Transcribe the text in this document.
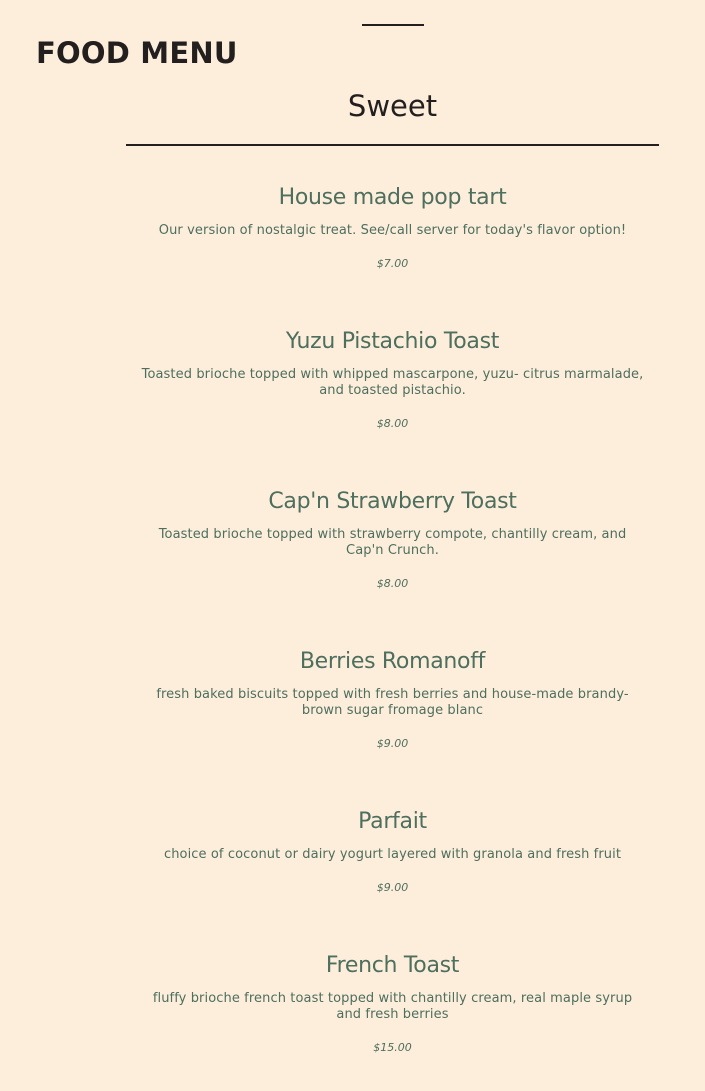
FOOD MENU
Sweet
House made pop tart

Our version of nostalgic treat. See/call server for today's flavor option!

$7.00

Yuzu Pistachio Toast

Toasted brioche topped with whipped mascarpone, yuzu- citrus marmalade, and toasted pistachio.

$8.00

Cap'n Strawberry Toast

Toasted brioche topped with strawberry compote, chantilly cream, and Cap'n Crunch.

$8.00

Berries Romanoff

fresh baked biscuits topped with fresh berries and house-made brandy-brown sugar fromage blanc

$9.00

Parfait

choice of coconut or dairy yogurt layered with granola and fresh fruit

$9.00

French Toast

fluffy brioche french toast topped with chantilly cream, real maple syrup and fresh berries

$15.00
